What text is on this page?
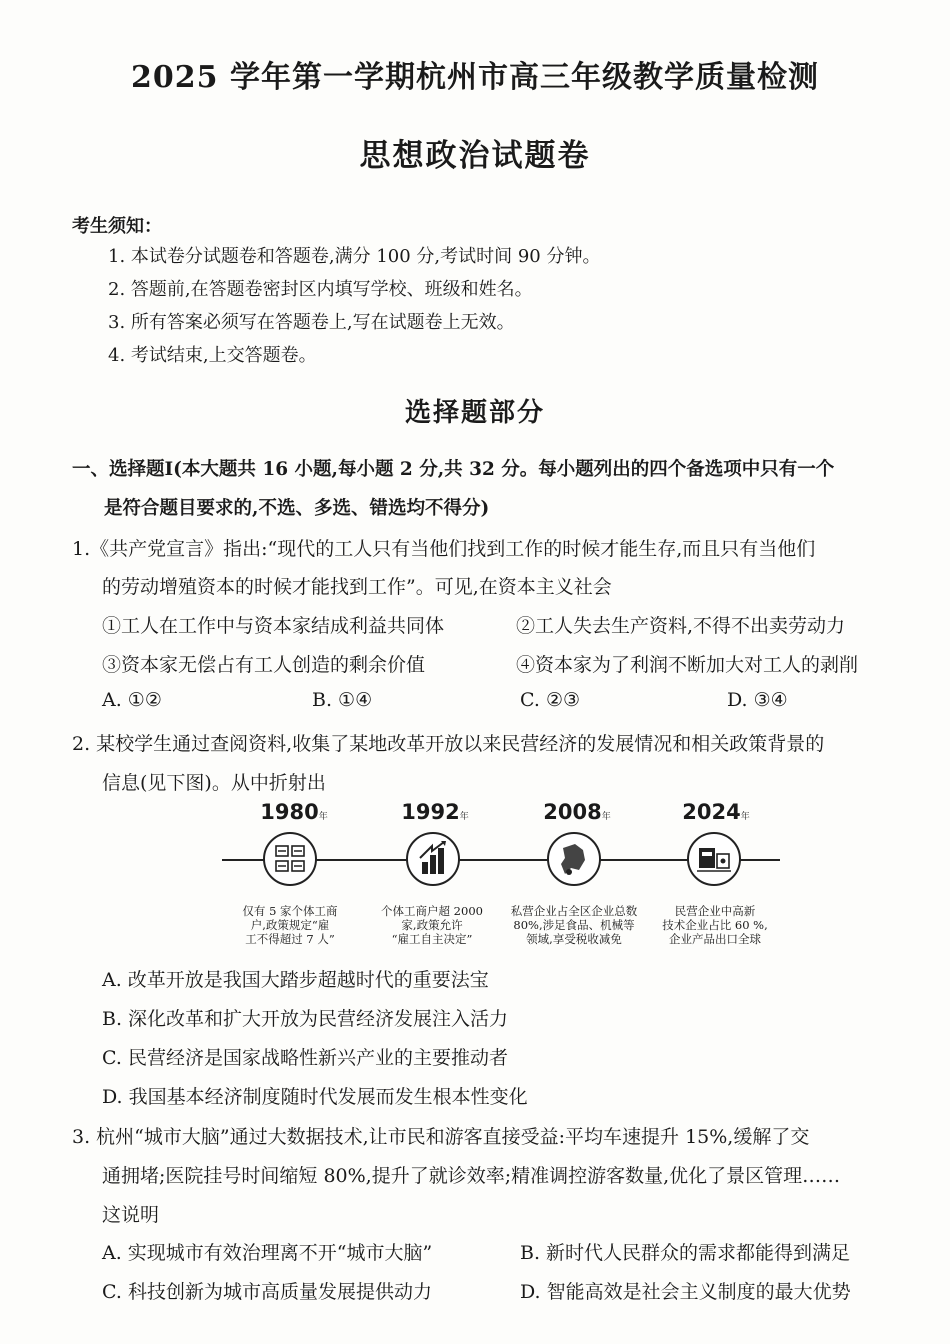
2025 学年第一学期杭州市高三年级教学质量检测
思想政治试题卷
考生须知：
1. 本试卷分试题卷和答题卷,满分 100 分,考试时间 90 分钟。
2. 答题前,在答题卷密封区内填写学校、班级和姓名。
3. 所有答案必须写在答题卷上,写在试题卷上无效。
4. 考试结束,上交答题卷。
选择题部分
一、选择题Ⅰ(本大题共 16 小题,每小题 2 分,共 32 分。每小题列出的四个备选项中只有一个
是符合题目要求的,不选、多选、错选均不得分)
1.《共产党宣言》指出:“现代的工人只有当他们找到工作的时候才能生存,而且只有当他们
的劳动增殖资本的时候才能找到工作”。可见,在资本主义社会
①工人在工作中与资本家结成利益共同体	②工人失去生产资料,不得不出卖劳动力
③资本家无偿占有工人创造的剩余价值	④资本家为了利润不断加大对工人的剥削
A. ①②	B. ①④	C. ②③	D. ③④
2. 某校学生通过查阅资料,收集了某地改革开放以来民营经济的发展情况和相关政策背景的
信息(见下图)。从中折射出
1980年	1992年	2008年	2024年
仅有 5 家个体工商
户,政策规定“雇
工不得超过 7 人”
个体工商户超 2000
家,政策允许
“雇工自主决定”
私营企业占全区企业总数
80%,涉足食品、机械等
领域,享受税收减免
民营企业中高新
技术企业占比 60 %,
企业产品出口全球
A. 改革开放是我国大踏步超越时代的重要法宝
B. 深化改革和扩大开放为民营经济发展注入活力
C. 民营经济是国家战略性新兴产业的主要推动者
D. 我国基本经济制度随时代发展而发生根本性变化
3. 杭州“城市大脑”通过大数据技术,让市民和游客直接受益:平均车速提升 15%,缓解了交
通拥堵;医院挂号时间缩短 80%,提升了就诊效率;精准调控游客数量,优化了景区管理……
这说明
A. 实现城市有效治理离不开“城市大脑”	B. 新时代人民群众的需求都能得到满足
C. 科技创新为城市高质量发展提供动力	D. 智能高效是社会主义制度的最大优势
